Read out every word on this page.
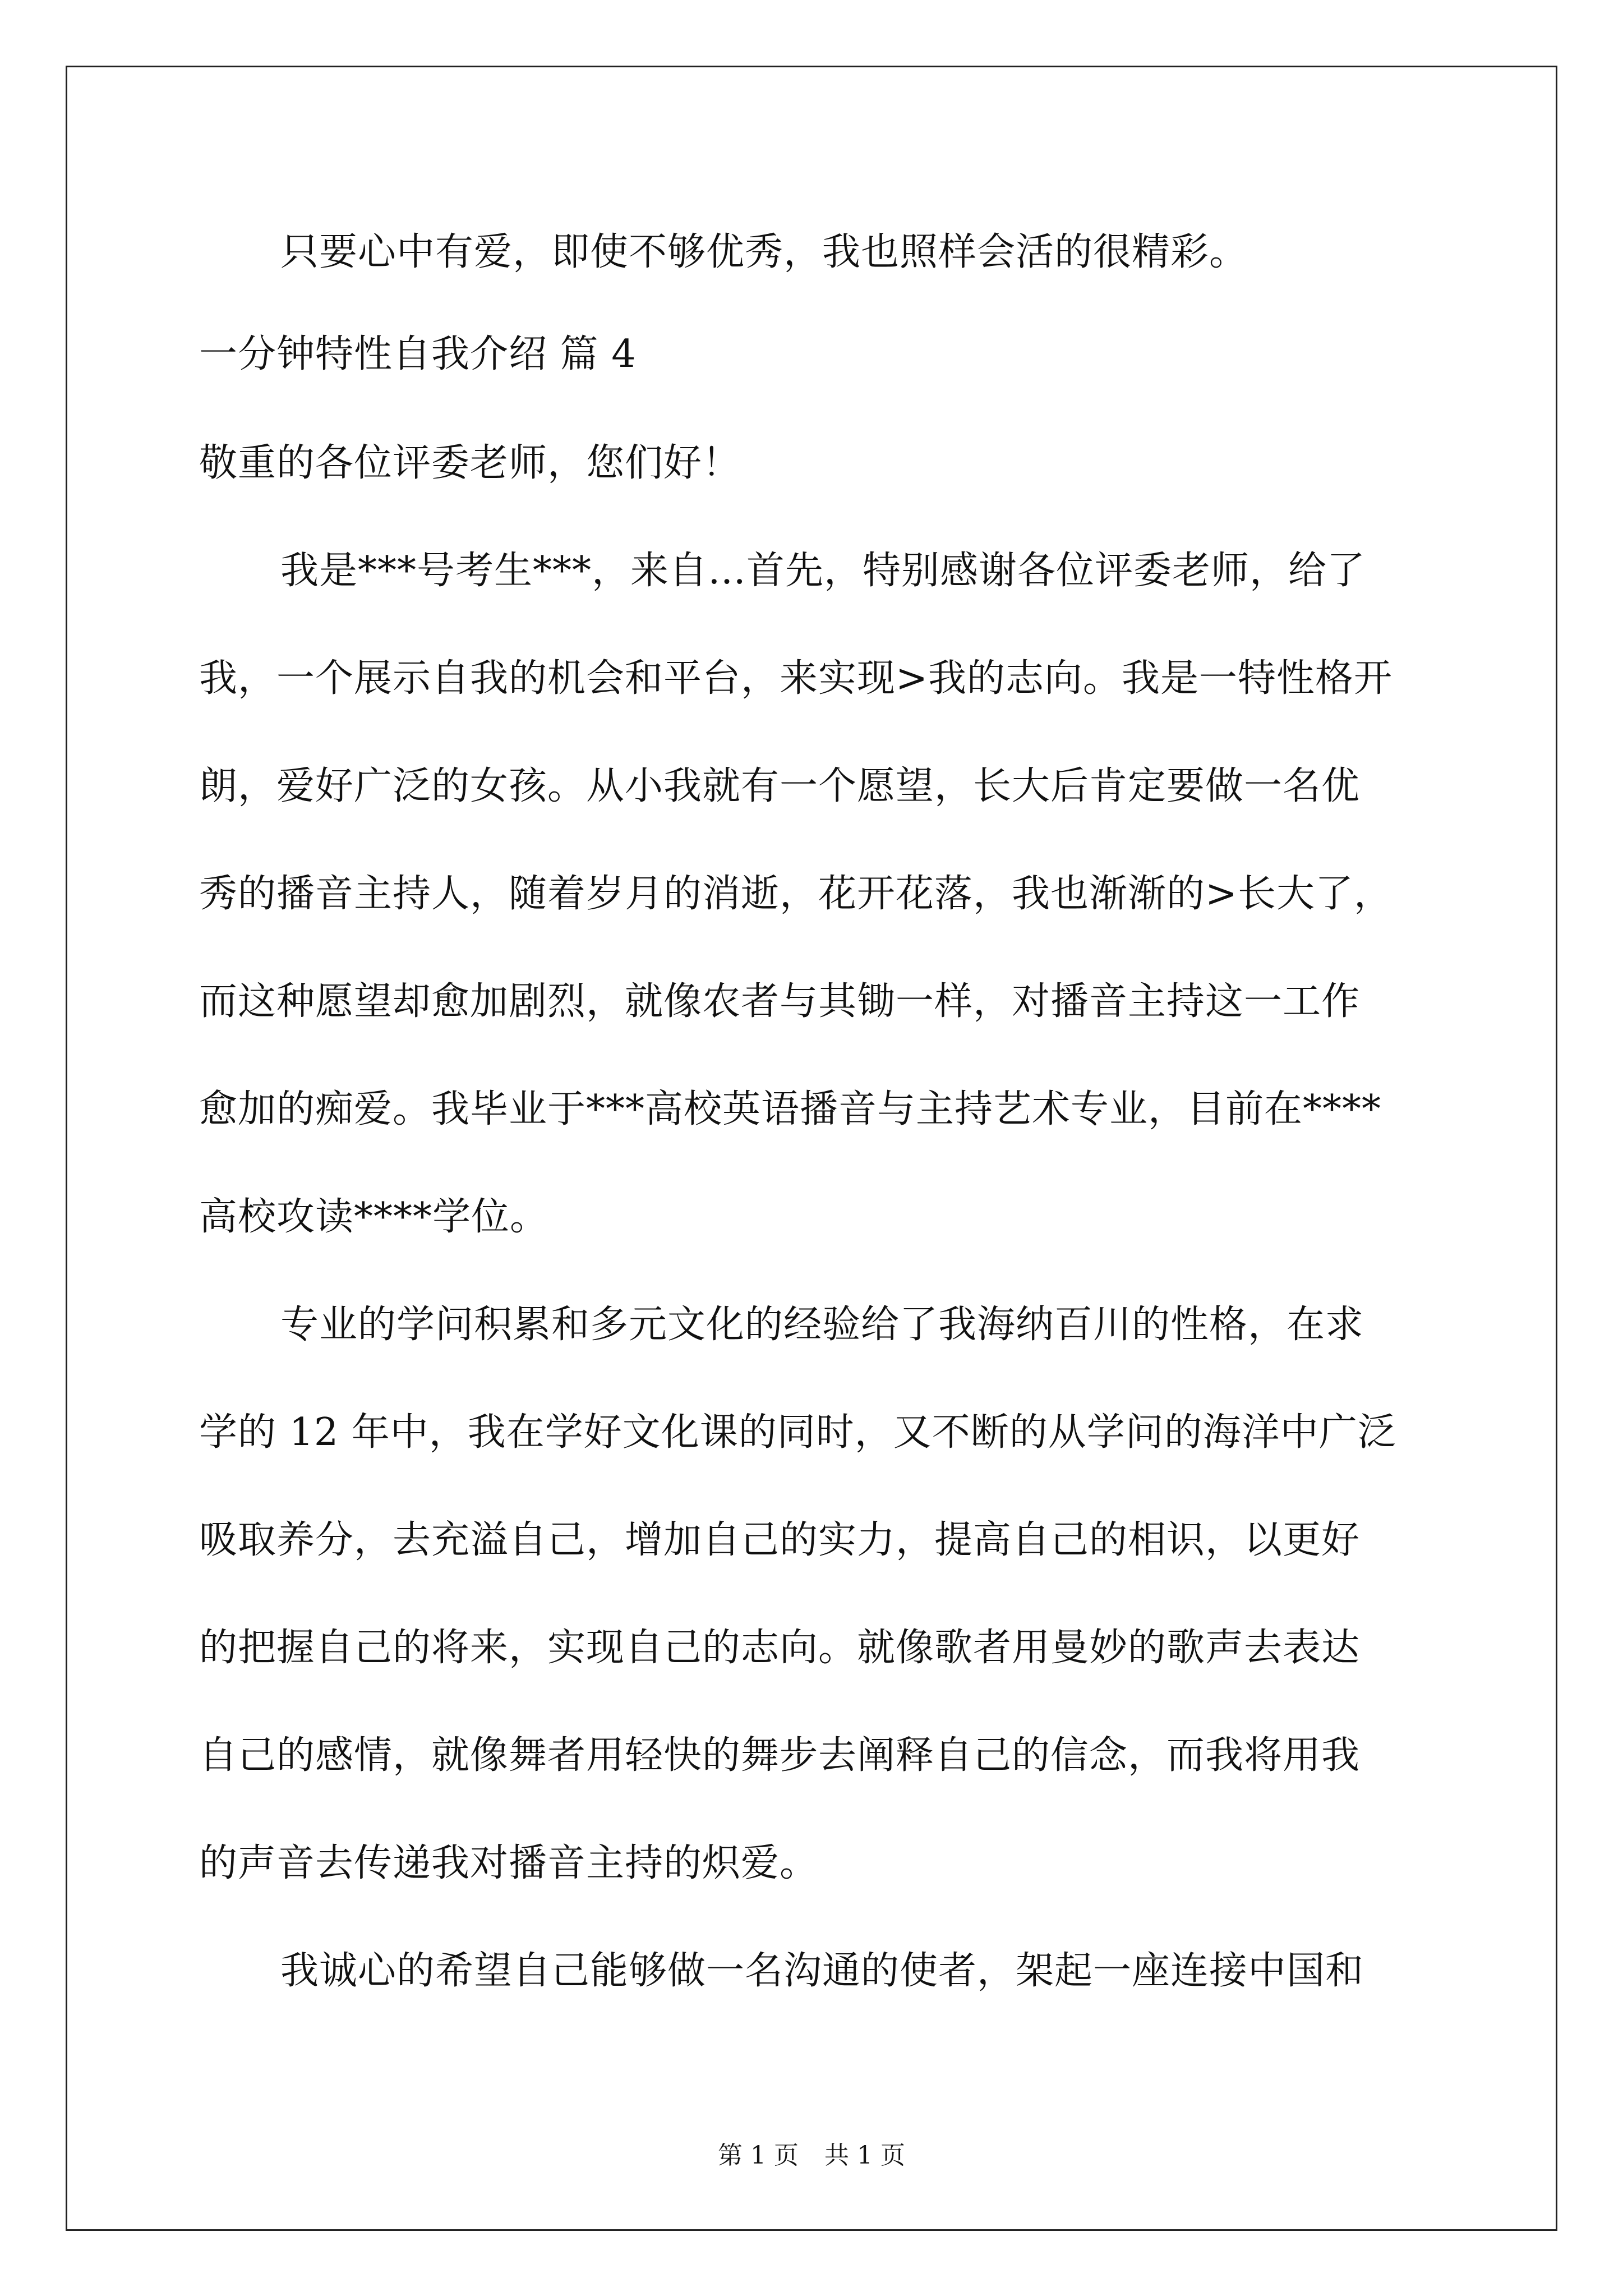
只要心中有爱，即使不够优秀，我也照样会活的很精彩。
一分钟特性自我介绍 篇 4
敬重的各位评委老师，您们好！
我是***号考生***，来自…首先，特别感谢各位评委老师，给了
我，一个展示自我的机会和平台，来实现>我的志向。我是一特性格开
朗，爱好广泛的女孩。从小我就有一个愿望，长大后肯定要做一名优
秀的播音主持人，随着岁月的消逝，花开花落，我也渐渐的>长大了，
而这种愿望却愈加剧烈，就像农者与其锄一样，对播音主持这一工作
愈加的痴爱。我毕业于***高校英语播音与主持艺术专业，目前在****
高校攻读****学位。
专业的学问积累和多元文化的经验给了我海纳百川的性格，在求
学的 12 年中，我在学好文化课的同时，又不断的从学问的海洋中广泛
吸取养分，去充溢自己，增加自己的实力，提高自己的相识，以更好
的把握自己的将来，实现自己的志向。就像歌者用曼妙的歌声去表达
自己的感情，就像舞者用轻快的舞步去阐释自己的信念，而我将用我
的声音去传递我对播音主持的炽爱。
我诚心的希望自己能够做一名沟通的使者，架起一座连接中国和
第 1 页 共 1 页
